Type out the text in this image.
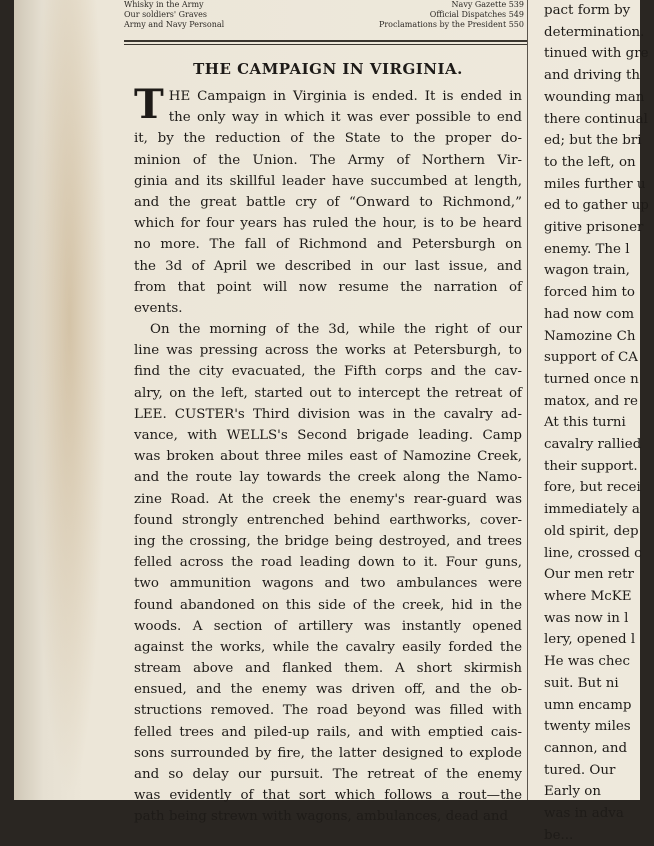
Whisky in the Army	Navy Gazette 539
Our soldiers' Graves	Official Dispatches 549
Army and Navy Personal	Proclamations by the President 550
THE CAMPAIGN IN VIRGINIA.
T HE Campaign in Virginia is ended. It is ended in
the only way in which it was ever possible to end
it, by the reduction of the State to the proper do-
minion of the Union. The Army of Northern Vir-
ginia and its skillful leader have succumbed at length,
and the great battle cry of “Onward to Richmond,”
which for four years has ruled the hour, is to be heard
no more. The fall of Richmond and Petersburgh on
the 3d of April we described in our last issue, and
from that point will now resume the narration of
events.
On the morning of the 3d, while the right of our
line was pressing across the works at Petersburgh, to
find the city evacuated, the Fifth corps and the cav-
alry, on the left, started out to intercept the retreat of
LEE. CUSTER's Third division was in the cavalry ad-
vance, with WELLS's Second brigade leading. Camp
was broken about three miles east of Namozine Creek,
and the route lay towards the creek along the Namo-
zine Road. At the creek the enemy's rear-guard was
found strongly entrenched behind earthworks, cover-
ing the crossing, the bridge being destroyed, and trees
felled across the road leading down to it. Four guns,
two ammunition wagons and two ambulances were
found abandoned on this side of the creek, hid in the
woods. A section of artillery was instantly opened
against the works, while the cavalry easily forded the
stream above and flanked them. A short skirmish
ensued, and the enemy was driven off, and the ob-
structions removed. The road beyond was filled with
felled trees and piled-up rails, and with emptied cais-
sons surrounded by fire, the latter designed to explode
and so delay our pursuit. The retreat of the enemy
was evidently of that sort which follows a rout—the
path being strewn with wagons, ambulances, dead and
pact form by
determination.
tinued with gre
and driving th
wounding man
there continual
ed; but the bri
to the left, on
miles further u
ed to gather up
gitive prisoner
enemy. The l
wagon train,
forced him to
had now com
Namozine Ch
support of CA
turned once n
matox, and re
At this turni
cavalry rallied
their support.
fore, but recei
immediately a
old spirit, dep
line, crossed c
Our men retr
where McKE
was now in l
lery, opened l
He was chec
suit. But ni
umn encamp
twenty miles
cannon, and
tured. Our
Early on
was in adva
be...
